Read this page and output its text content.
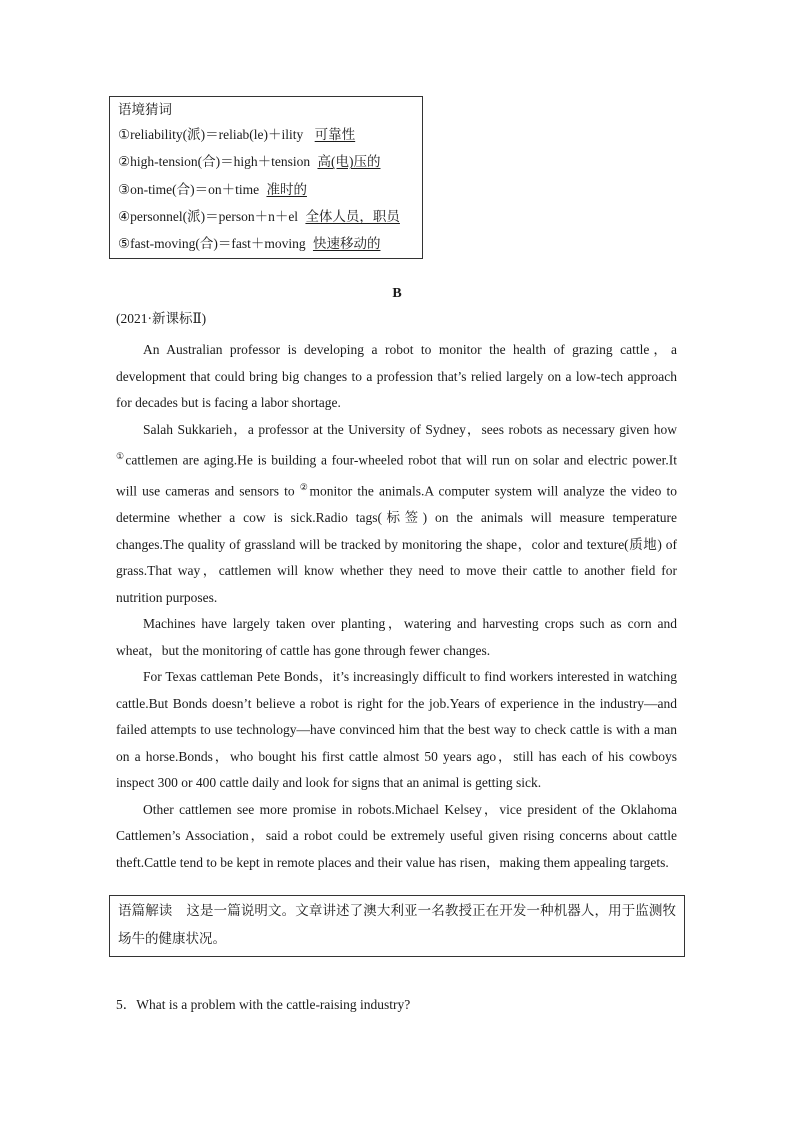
语境猜词
①reliability(派)＝reliab(le)＋ility 可靠性
②high-tension(合)＝high＋tension 高(电)压的
③on-time(合)＝on＋time 准时的
④personnel(派)＝person＋n＋el 全体人员，职员
⑤fast-moving(合)＝fast＋moving 快速移动的
B
(2021·新课标Ⅱ)

An Australian professor is developing a robot to monitor the health of grazing cattle，a development that could bring big changes to a profession that’s relied largely on a low-tech approach for decades but is facing a labor shortage.

Salah Sukkarieh，a professor at the University of Sydney，sees robots as necessary given how ①cattlemen are aging.He is building a four-wheeled robot that will run on solar and electric power.It will use cameras and sensors to ②monitor the animals.A computer system will analyze the video to determine whether a cow is sick.Radio tags(标签) on the animals will measure temperature changes.The quality of grassland will be tracked by monitoring the shape，color and texture(质地) of grass.That way，cattlemen will know whether they need to move their cattle to another field for nutrition purposes.

Machines have largely taken over planting，watering and harvesting crops such as corn and wheat，but the monitoring of cattle has gone through fewer changes.

For Texas cattleman Pete Bonds，it’s increasingly difficult to find workers interested in watching cattle.But Bonds doesn’t believe a robot is right for the job.Years of experience in the industry—and failed attempts to use technology—have convinced him that the best way to check cattle is with a man on a horse.Bonds，who bought his first cattle almost 50 years ago，still has each of his cowboys inspect 300 or 400 cattle daily and look for signs that an animal is getting sick.

Other cattlemen see more promise in robots.Michael Kelsey，vice president of the Oklahoma Cattlemen’s Association，said a robot could be extremely useful given rising concerns about cattle theft.Cattle tend to be kept in remote places and their value has risen，making them appealing targets.

语篇解读 这是一篇说明文。文章讲述了澳大利亚一名教授正在开发一种机器人，用于监测牧场牛的健康状况。
5．What is a problem with the cattle-raising industry?
